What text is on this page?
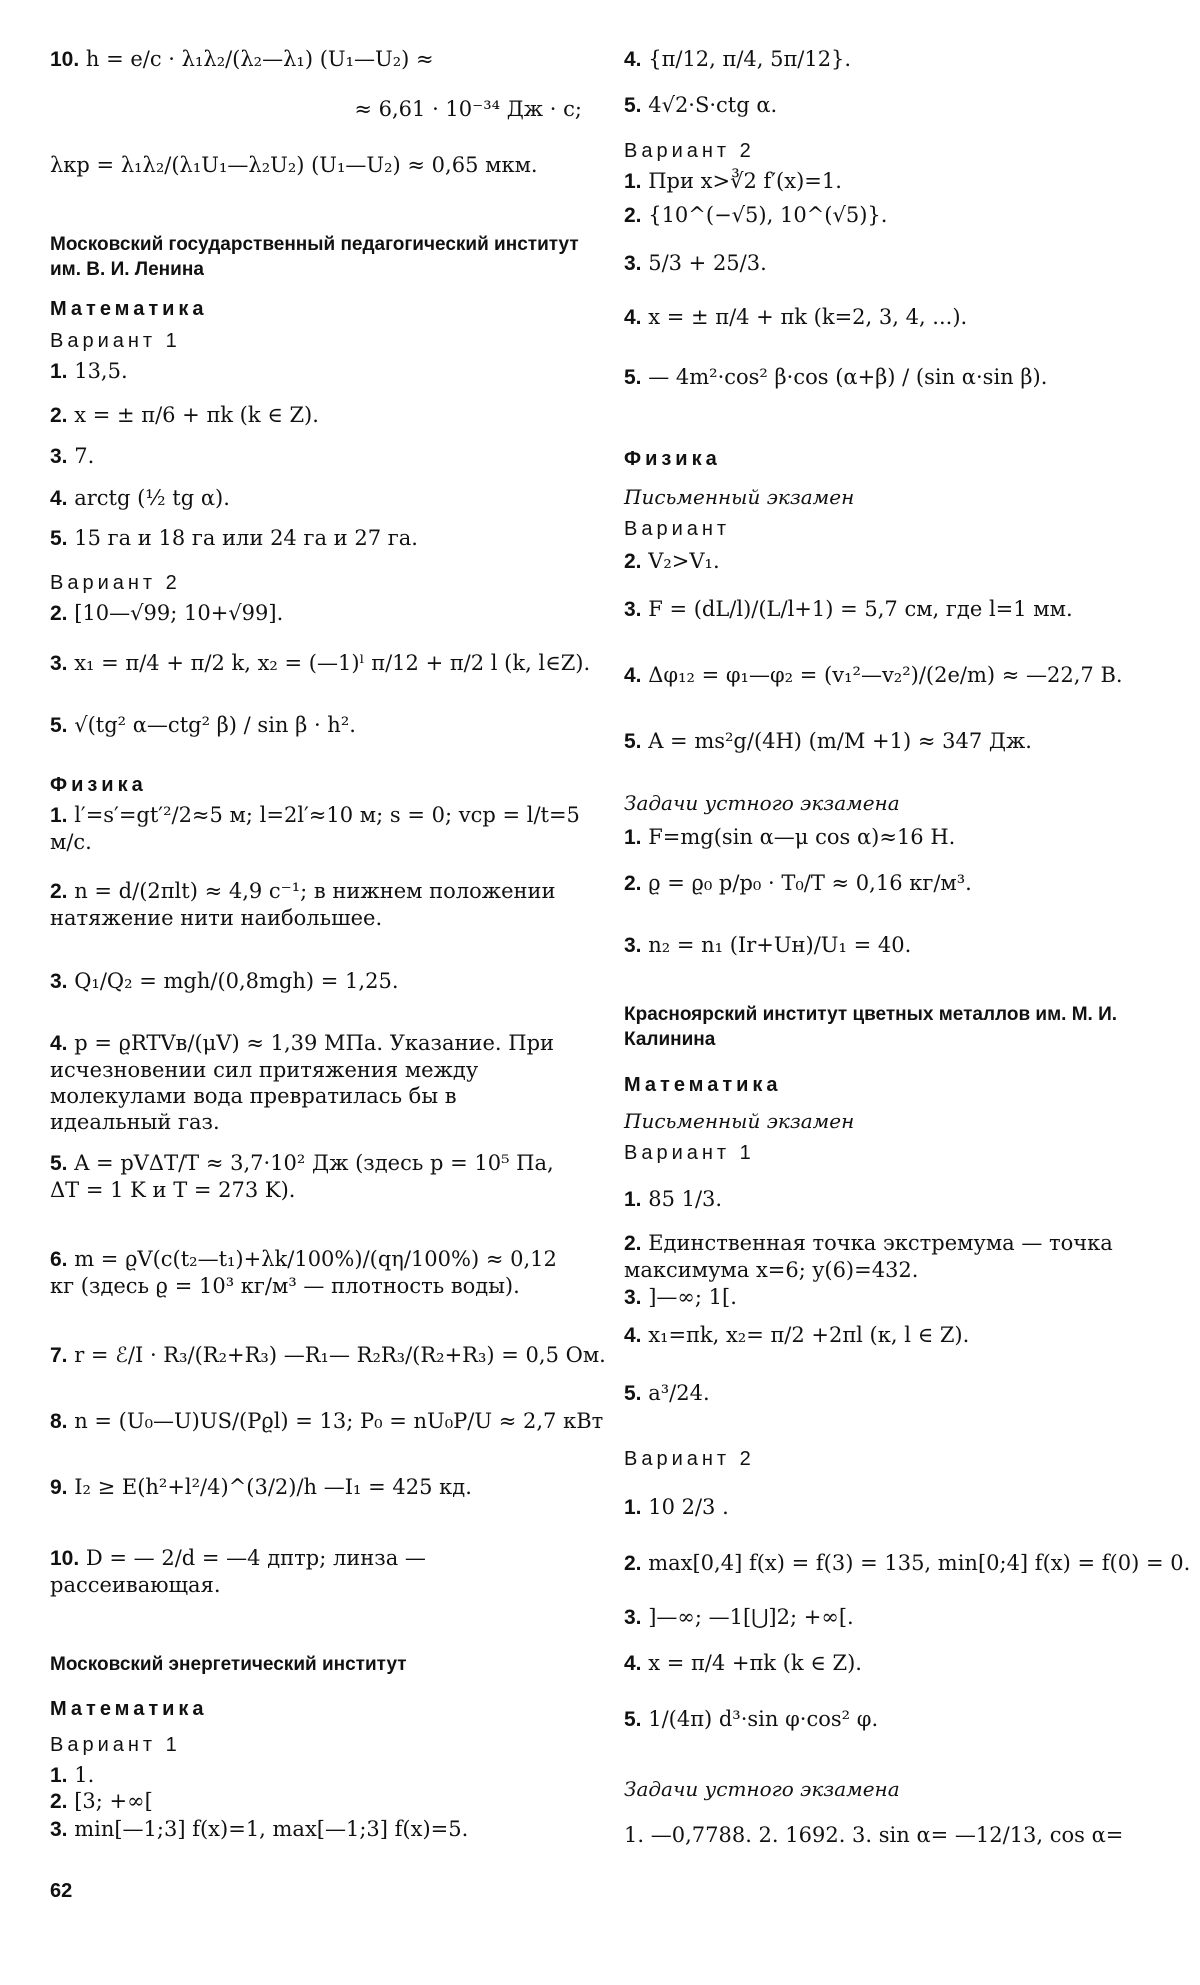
10. h = e/c · λ₁λ₂/(λ₂—λ₁) (U₁—U₂) ≈
≈ 6,61 · 10⁻³⁴ Дж · с;
λкр = λ₁λ₂/(λ₁U₁—λ₂U₂) (U₁—U₂) ≈ 0,65 мкм.
Московский государственный педагогический институт им. В. И. Ленина
Математика
Вариант 1
1. 13,5.
2. x = ± π/6 + πk (k ∈ Z).
3. 7.
4. arctg (½ tg α).
5. 15 га и 18 га или 24 га и 27 га.
Вариант 2
2. [10—√99; 10+√99].
3. x₁ = π/4 + π/2 k, x₂ = (—1)ˡ π/12 + π/2 l (k, l∈Z).
5. √(tg² α—ctg² β) / sin β · h².
Физика
1. l′=s′=gt′²/2≈5 м; l=2l′≈10 м; s = 0; vср = l/t=5 м/с.
2. n = d/(2πlt) ≈ 4,9 с⁻¹; в нижнем положении натяжение нити наибольшее.
3. Q₁/Q₂ = mgh/(0,8mgh) = 1,25.
4. p = ϱRTVв/(μV) ≈ 1,39 МПа. Указание. При исчезновении сил притяжения между молекулами вода превратилась бы в идеальный газ.
5. A = pVΔT/T ≈ 3,7·10² Дж (здесь p = 10⁵ Па, ΔT = 1 K и T = 273 K).
6. m = ϱV(c(t₂—t₁)+λk/100%)/(qη/100%) ≈ 0,12 кг (здесь ϱ = 10³ кг/м³ — плотность воды).
7. r = ℰ/I · R₃/(R₂+R₃) —R₁— R₂R₃/(R₂+R₃) = 0,5 Ом.
8. n = (U₀—U)US/(Pϱl) = 13; P₀ = nU₀P/U ≈ 2,7 кВт
9. I₂ ≥ E(h²+l²/4)^(3/2)/h —I₁ = 425 кд.
10. D = — 2/d = —4 дптр; линза — рассеивающая.
Московский энергетический институт
Математика
Вариант 1
1. 1.
2. [3; +∞[
3. min[—1;3] f(x)=1, max[—1;3] f(x)=5.
62
4. {π/12, π/4, 5π/12}.
5. 4√2·S·ctg α.
Вариант 2
1. При x>∛2 f′(x)=1.
2. {10^(−√5), 10^(√5)}.
3. 5/3 + 25/3.
4. x = ± π/4 + πk (k=2, 3, 4, ...).
5. — 4m²·cos² β·cos (α+β) / (sin α·sin β).
Физика
Письменный экзамен
Вариант
2. V₂>V₁.
3. F = (dL/l)/(L/l+1) = 5,7 см, где l=1 мм.
4. Δφ₁₂ = φ₁—φ₂ = (v₁²—v₂²)/(2e/m) ≈ —22,7 В.
5. A = ms²g/(4H) (m/M +1) ≈ 347 Дж.
Задачи устного экзамена
1. F=mg(sin α—μ cos α)≈16 Н.
2. ϱ = ϱ₀ p/p₀ · T₀/T ≈ 0,16 кг/м³.
3. n₂ = n₁ (Ir+Uн)/U₁ = 40.
Красноярский институт цветных металлов им. М. И. Калинина
Математика
Письменный экзамен
Вариант 1
1. 85 1/3.
2. Единственная точка экстремума — точка максимума x=6; y(6)=432.
3. ]—∞; 1[.
4. x₁=πk, x₂= π/2 +2πl (к, l ∈ Z).
5. a³/24.
Вариант 2
1. 10 2/3 .
2. max[0,4] f(x) = f(3) = 135, min[0;4] f(x) = f(0) = 0.
3. ]—∞; —1[⋃]2; +∞[.
4. x = π/4 +πk (k ∈ Z).
5. 1/(4π) d³·sin φ·cos² φ.
Задачи устного экзамена
1. —0,7788. 2. 1692. 3. sin α= —12/13, cos α=
